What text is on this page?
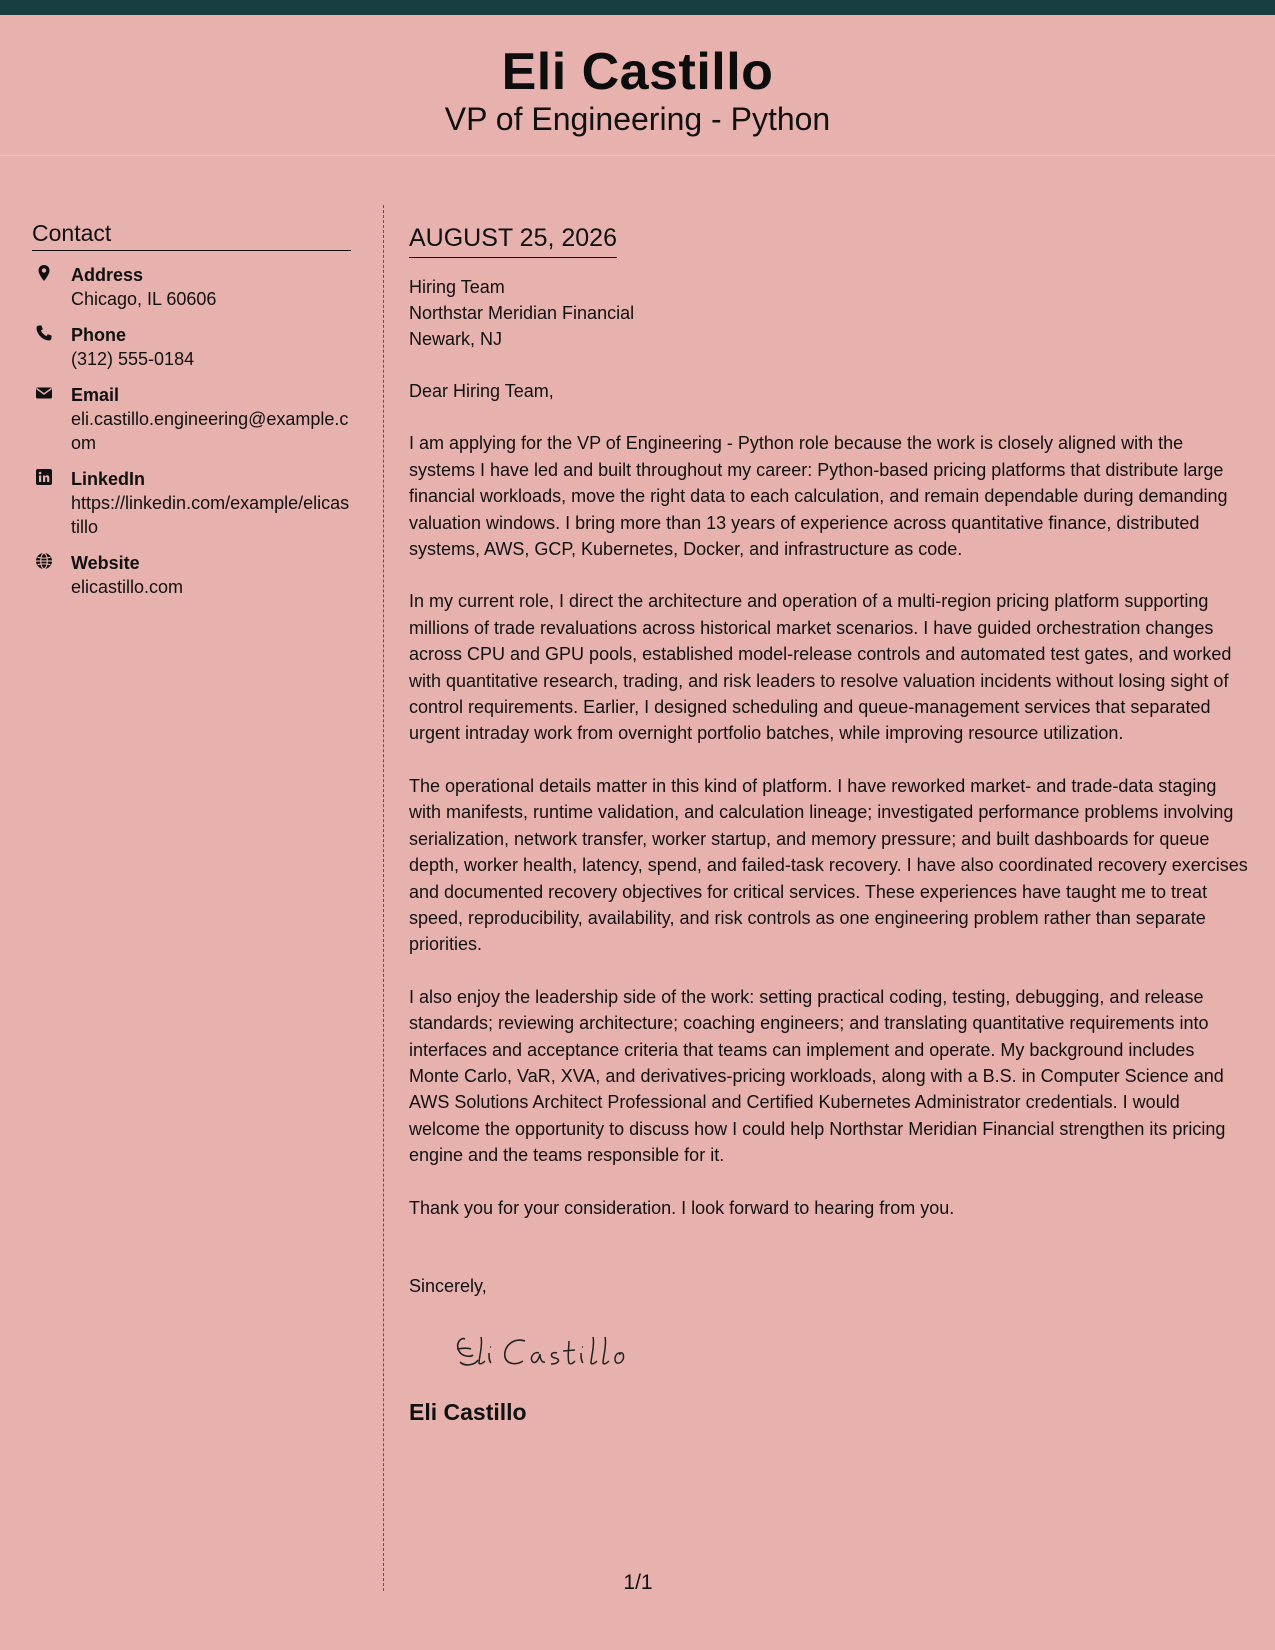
Eli Castillo
VP of Engineering - Python
Contact
Address
Chicago, IL 60606
Phone
(312) 555-0184
Email
eli.castillo.engineering@example.com
LinkedIn
https://linkedin.com/example/elicastillo
Website
elicastillo.com
AUGUST 25, 2026
Hiring Team
Northstar Meridian Financial
Newark, NJ

Dear Hiring Team,

I am applying for the VP of Engineering - Python role because the work is closely aligned with the systems I have led and built throughout my career: Python-based pricing platforms that distribute large financial workloads, move the right data to each calculation, and remain dependable during demanding valuation windows. I bring more than 13 years of experience across quantitative finance, distributed systems, AWS, GCP, Kubernetes, Docker, and infrastructure as code.

In my current role, I direct the architecture and operation of a multi-region pricing platform supporting millions of trade revaluations across historical market scenarios. I have guided orchestration changes across CPU and GPU pools, established model-release controls and automated test gates, and worked with quantitative research, trading, and risk leaders to resolve valuation incidents without losing sight of control requirements. Earlier, I designed scheduling and queue-management services that separated urgent intraday work from overnight portfolio batches, while improving resource utilization.

The operational details matter in this kind of platform. I have reworked market- and trade-data staging with manifests, runtime validation, and calculation lineage; investigated performance problems involving serialization, network transfer, worker startup, and memory pressure; and built dashboards for queue depth, worker health, latency, spend, and failed-task recovery. I have also coordinated recovery exercises and documented recovery objectives for critical services. These experiences have taught me to treat speed, reproducibility, availability, and risk controls as one engineering problem rather than separate priorities.

I also enjoy the leadership side of the work: setting practical coding, testing, debugging, and release standards; reviewing architecture; coaching engineers; and translating quantitative requirements into interfaces and acceptance criteria that teams can implement and operate. My background includes Monte Carlo, VaR, XVA, and derivatives-pricing workloads, along with a B.S. in Computer Science and AWS Solutions Architect Professional and Certified Kubernetes Administrator credentials. I would welcome the opportunity to discuss how I could help Northstar Meridian Financial strengthen its pricing engine and the teams responsible for it.

Thank you for your consideration. I look forward to hearing from you.

Sincerely,
Eli Castillo
1/1
